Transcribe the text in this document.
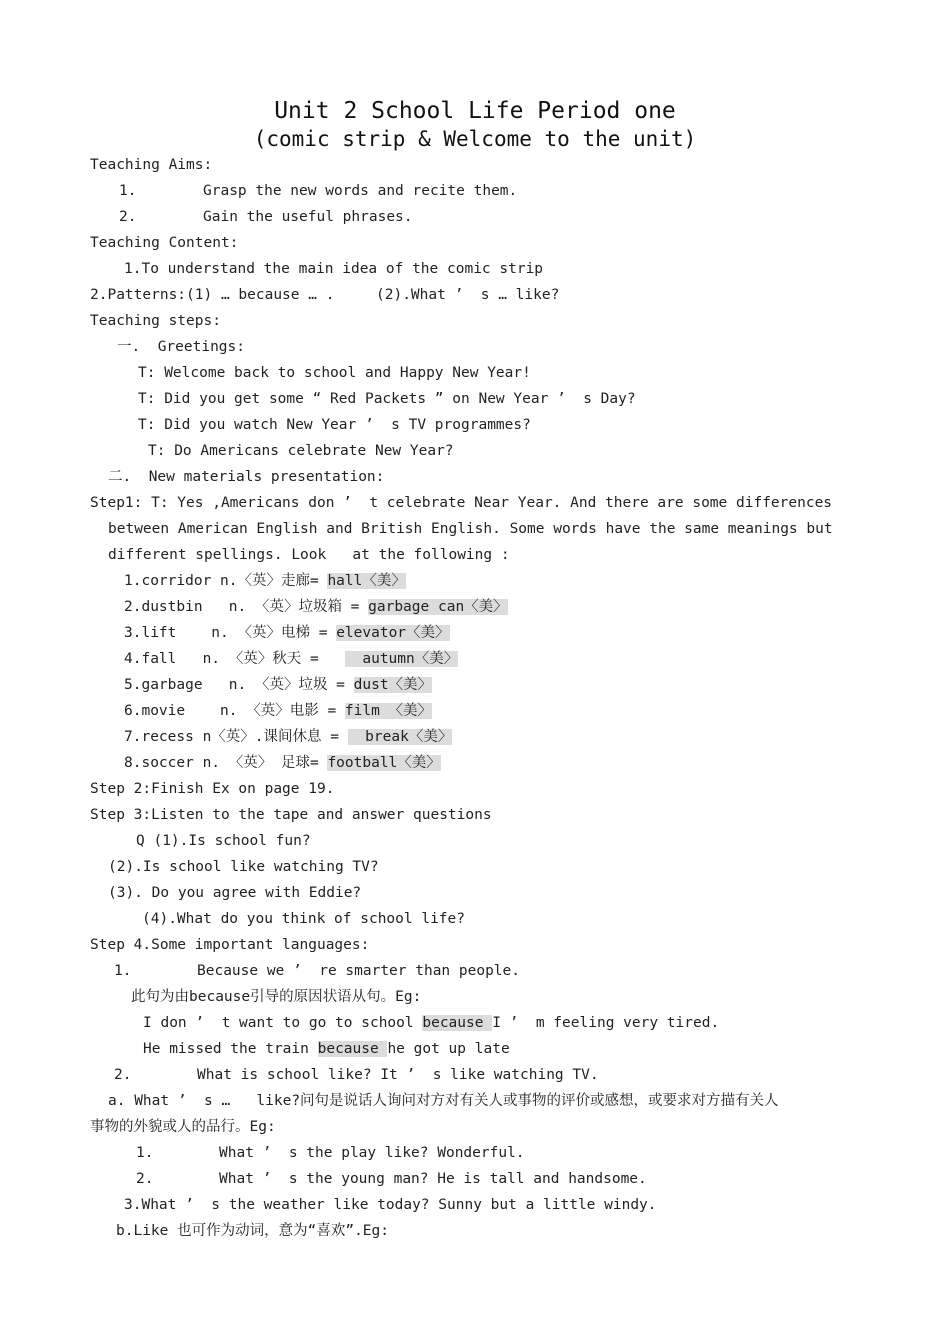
Unit 2 School Life Period one
(comic strip & Welcome to the unit)
Teaching Aims:
1.	Grasp the new words and recite them.
2.	Gain the useful phrases.
Teaching Content:
1.To understand the main idea of the comic strip
2.Patterns:(1) … because … .	(2).What ’  s … like?
Teaching steps:
一.  Greetings:
T: Welcome back to school and Happy New Year!
T: Did you get some “ Red Packets ” on New Year ’  s Day?
T: Did you watch New Year ’  s TV programmes?
T: Do Americans celebrate New Year?
二.  New materials presentation:
Step1: T: Yes ,Americans don ’  t celebrate Near Year. And there are some differences
between American English and British English. Some words have the same meanings but
different spellings. Look   at the following :
1.corridor n.〈英〉走廊= hall〈美〉
2.dustbin   n. 〈英〉垃圾箱 = garbage can〈美〉
3.lift    n. 〈英〉电梯 = elevator〈美〉
4.fall   n. 〈英〉秋天 =     autumn〈美〉
5.garbage   n. 〈英〉垃圾 = dust〈美〉
6.movie    n. 〈英〉电影 = film 〈美〉
7.recess n〈英〉.课间休息 =   break〈美〉
8.soccer n. 〈英〉 足球= football〈美〉
Step 2:Finish Ex on page 19.
Step 3:Listen to the tape and answer questions
Q (1).Is school fun?
(2).Is school like watching TV?
(3). Do you agree with Eddie?
(4).What do you think of school life?
Step 4.Some important languages:
1.	Because we ’  re smarter than people.
此句为由because引导的原因状语从句。Eg:
I don ’  t want to go to school because I ’  m feeling very tired.
He missed the train because he got up late
2.	What is school like? It ’  s like watching TV.
a. What ’  s …   like?问句是说话人询问对方对有关人或事物的评价或感想，或要求对方描有关人
事物的外貌或人的品行。Eg:
1.	What ’  s the play like? Wonderful.
2.	What ’  s the young man? He is tall and handsome.
3.What ’  s the weather like today? Sunny but a little windy.
b.Like 也可作为动词，意为“喜欢”.Eg:
